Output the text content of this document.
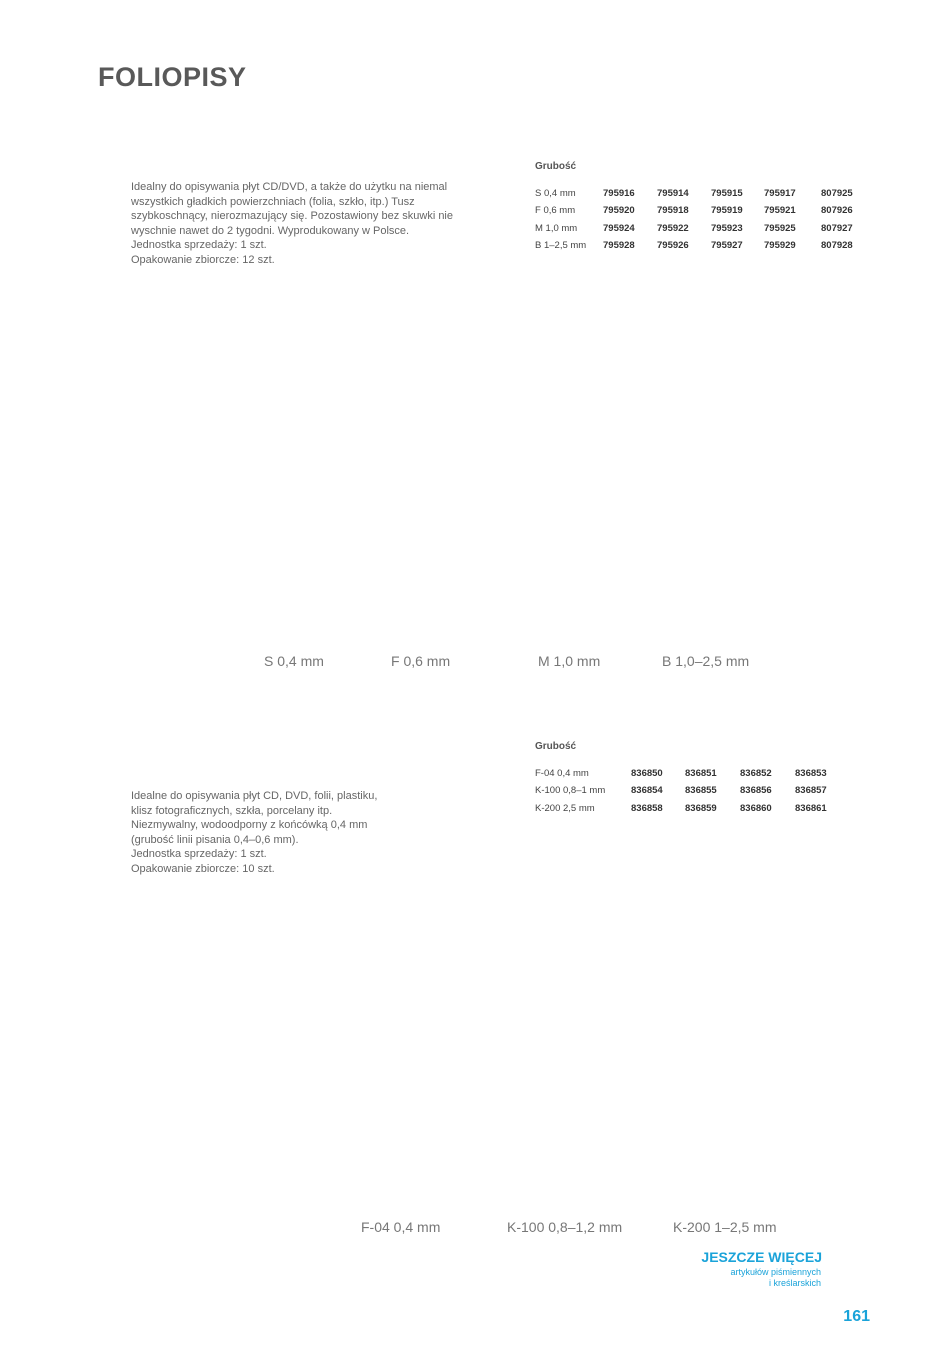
FOLIOPISY
Idealny do opisywania płyt CD/DVD, a także do użytku na niemal
wszystkich gładkich powierzchniach (folia, szkło, itp.) Tusz
szybkoschnący, nierozmazujący się. Pozostawiony bez skuwki nie
wyschnie nawet do 2 tygodni. Wyprodukowany w Polsce.
Jednostka sprzedaży: 1 szt.
Opakowanie zbiorcze: 12 szt.
Grubość
S 0,4 mm	795916	795914	795915	795917	807925
F 0,6 mm	795920	795918	795919	795921	807926
M 1,0 mm	795924	795922	795923	795925	807927
B 1–2,5 mm	795928	795926	795927	795929	807928
S 0,4 mm	F 0,6 mm	M 1,0 mm	B 1,0–2,5 mm
Grubość
F-04 0,4 mm	836850	836851	836852	836853
K-100 0,8–1 mm	836854	836855	836856	836857
K-200 2,5 mm	836858	836859	836860	836861
Idealne do opisywania płyt CD, DVD, folii, plastiku,
klisz fotograficznych, szkła, porcelany itp.
Niezmywalny, wodoodporny z końcówką 0,4 mm
(grubość linii pisania 0,4–0,6 mm).
Jednostka sprzedaży: 1 szt.
Opakowanie zbiorcze: 10 szt.
F-04 0,4 mm	K-100 0,8–1,2 mm	K-200 1–2,5 mm
JESZCZE WIĘCEJ
artykułów piśmiennych
i kreślarskich
161
